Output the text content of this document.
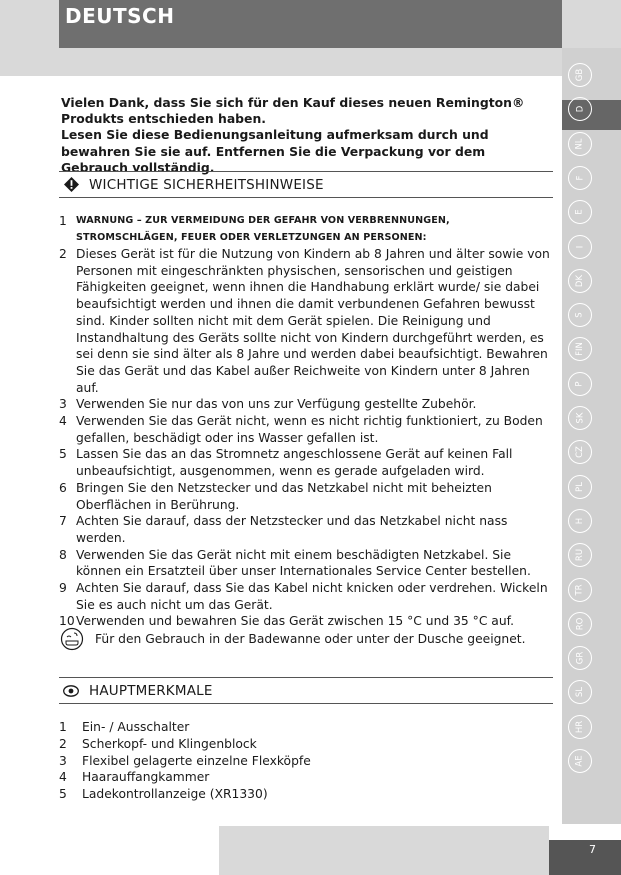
DEUTSCH
GB
D
NL
F
E
I
DK
S
FIN
P
SK
CZ
PL
H
RU
TR
RO
GR
SL
HR
AE
7

Vielen Dank, dass Sie sich für den Kauf dieses neuen Remington® Produkts entschieden haben.

Lesen Sie diese Bedienungsanleitung aufmerksam durch und bewahren Sie sie auf. Entfernen Sie die Verpackung vor dem Gebrauch vollständig.

WICHTIGE SICHERHEITSHINWEISE
1 WARNUNG – ZUR VERMEIDUNG DER GEFAHR VON VERBRENNUNGEN, STROMSCHLÄGEN, FEUER ODER VERLETZUNGEN AN PERSONEN:
2 Dieses Gerät ist für die Nutzung von Kindern ab 8 Jahren und älter sowie von Personen mit eingeschränkten physischen, sensorischen und geistigen Fähigkeiten geeignet, wenn ihnen die Handhabung erklärt wurde/ sie dabei beaufsichtigt werden und ihnen die damit verbundenen Gefahren bewusst sind. Kinder sollten nicht mit dem Gerät spielen. Die Reinigung und Instandhaltung des Geräts sollte nicht von Kindern durchgeführt werden, es sei denn sie sind älter als 8 Jahre und werden dabei beaufsichtigt. Bewahren Sie das Gerät und das Kabel außer Reichweite von Kindern unter 8 Jahren auf.
3 Verwenden Sie nur das von uns zur Verfügung gestellte Zubehör.
4 Verwenden Sie das Gerät nicht, wenn es nicht richtig funktioniert, zu Boden gefallen, beschädigt oder ins Wasser gefallen ist.
5 Lassen Sie das an das Stromnetz angeschlossene Gerät auf keinen Fall unbeaufsichtigt, ausgenommen, wenn es gerade aufgeladen wird.
6 Bringen Sie den Netzstecker und das Netzkabel nicht mit beheizten Oberflächen in Berührung.
7 Achten Sie darauf, dass der Netzstecker und das Netzkabel nicht nass werden.
8 Verwenden Sie das Gerät nicht mit einem beschädigten Netzkabel. Sie können ein Ersatzteil über unser Internationales Service Center bestellen.
9 Achten Sie darauf, dass Sie das Kabel nicht knicken oder verdrehen. Wickeln Sie es auch nicht um das Gerät.
10 Verwenden und bewahren Sie das Gerät zwischen 15 °C und 35 °C auf.
Für den Gebrauch in der Badewanne oder unter der Dusche geeignet.
HAUPTMERKMALE
1	Ein- / Ausschalter
2	Scherkopf- und Klingenblock
3	Flexibel gelagerte einzelne Flexköpfe
4	Haarauffangkammer
5	Ladekontrollanzeige (XR1330)
